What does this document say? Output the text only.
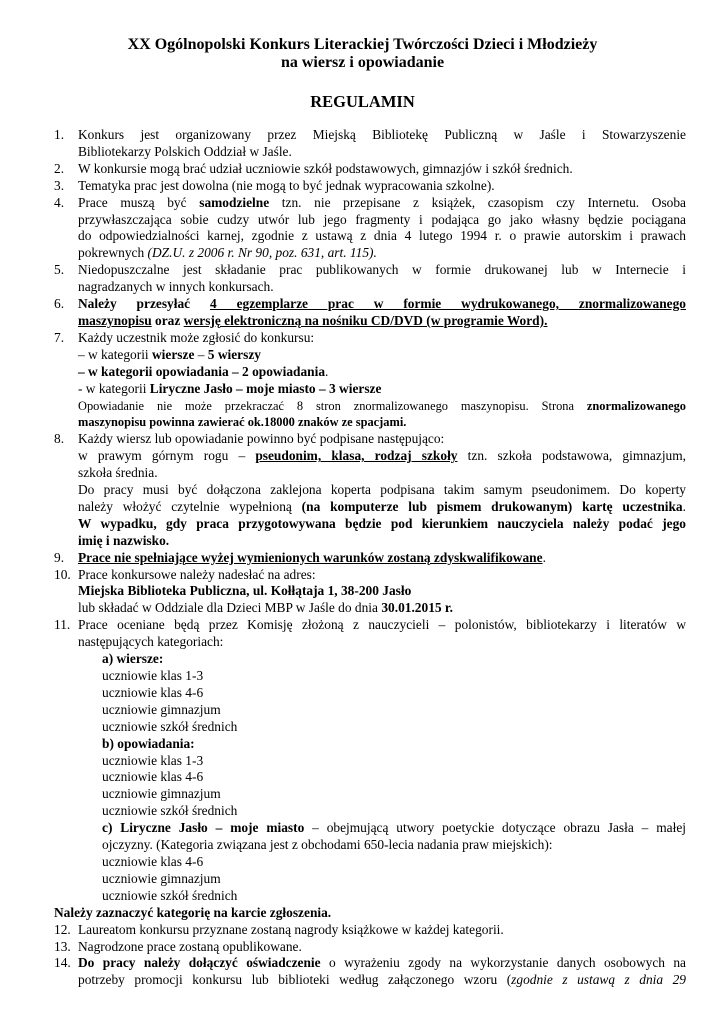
XX Ogólnopolski Konkurs Literackiej Twórczości Dzieci i Młodzieży
na wiersz i opowiadanie
REGULAMIN
1. Konkurs jest organizowany przez Miejską Bibliotekę Publiczną w Jaśle i Stowarzyszenie

Bibliotekarzy Polskich Oddział w Jaśle.

2. W konkursie mogą brać udział uczniowie szkół podstawowych, gimnazjów i szkół średnich.

3. Tematyka prac jest dowolna (nie mogą to być jednak wypracowania szkolne).

4. Prace muszą być samodzielne tzn. nie przepisane z książek, czasopism czy Internetu. Osoba

przywłaszczająca sobie cudzy utwór lub jego fragmenty i podająca go jako własny będzie pociągana

do odpowiedzialności karnej, zgodnie z ustawą z dnia 4 lutego 1994 r. o prawie autorskim i prawach

pokrewnych (DZ.U. z 2006 r. Nr 90, poz. 631, art. 115).

5. Niedopuszczalne jest składanie prac publikowanych w formie drukowanej lub w Internecie i

nagradzanych w innych konkursach.

6. Należy przesyłać 4 egzemplarze prac w formie wydrukowanego, znormalizowanego

maszynopisu oraz wersję elektroniczną na nośniku CD/DVD (w programie Word).

7. Każdy uczestnik może zgłosić do konkursu:

– w kategorii wiersze – 5 wierszy

– w kategorii opowiadania – 2 opowiadania.

- w kategorii Liryczne Jasło – moje miasto – 3 wiersze

Opowiadanie nie może przekraczać 8 stron znormalizowanego maszynopisu. Strona znormalizowanego

maszynopisu powinna zawierać ok.18000 znaków ze spacjami.

8. Każdy wiersz lub opowiadanie powinno być podpisane następująco:

w prawym górnym rogu – pseudonim, klasa, rodzaj szkoły tzn. szkoła podstawowa, gimnazjum,

szkoła średnia.

Do pracy musi być dołączona zaklejona koperta podpisana takim samym pseudonimem. Do koperty

należy włożyć czytelnie wypełnioną (na komputerze lub pismem drukowanym) kartę uczestnika.

W wypadku, gdy praca przygotowywana będzie pod kierunkiem nauczyciela należy podać jego

imię i nazwisko.

9. Prace nie spełniające wyżej wymienionych warunków zostaną zdyskwalifikowane.

10. Prace konkursowe należy nadesłać na adres:

Miejska Biblioteka Publiczna, ul. Kołłątaja 1, 38-200 Jasło

lub składać w Oddziale dla Dzieci MBP w Jaśle do dnia 30.01.2015 r.

11. Prace oceniane będą przez Komisję złożoną z nauczycieli – polonistów, bibliotekarzy i literatów w

następujących kategoriach:

a) wiersze:

uczniowie klas 1-3

uczniowie klas 4-6

uczniowie gimnazjum

uczniowie szkół średnich

b) opowiadania:

uczniowie klas 1-3

uczniowie klas 4-6

uczniowie gimnazjum

uczniowie szkół średnich

c) Liryczne Jasło – moje miasto – obejmującą utwory poetyckie dotyczące obrazu Jasła – małej

ojczyzny. (Kategoria związana jest z obchodami 650-lecia nadania praw miejskich):

uczniowie klas 4-6

uczniowie gimnazjum

uczniowie szkół średnich

Należy zaznaczyć kategorię na karcie zgłoszenia.

12. Laureatom konkursu przyznane zostaną nagrody książkowe w każdej kategorii.

13. Nagrodzone prace zostaną opublikowane.

14. Do pracy należy dołączyć oświadczenie o wyrażeniu zgody na wykorzystanie danych osobowych na

potrzeby promocji konkursu lub biblioteki według załączonego wzoru (zgodnie z ustawą z dnia 29
